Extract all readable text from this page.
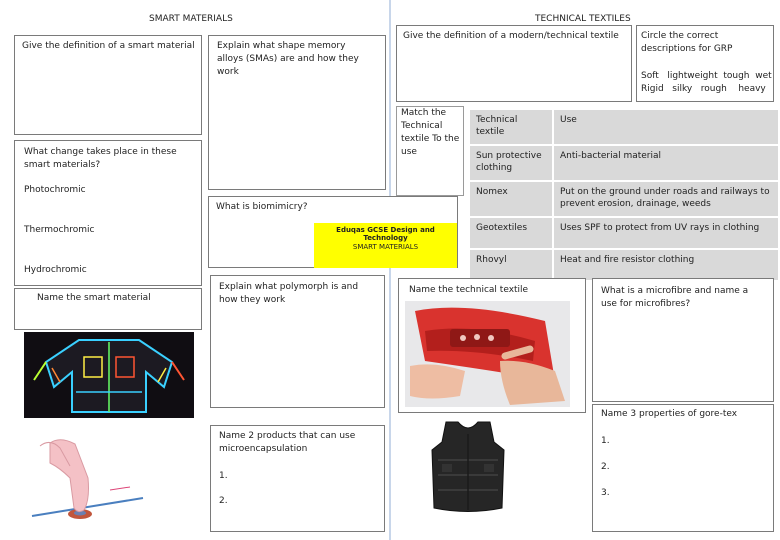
SMART MATERIALS	TECHNICAL TEXTILES
Give the definition of a smart material	Explain what shape memory alloys (SMAs) are and how they work
What change takes place in these smart materials?
Photochromic
Thermochromic
Hydrochromic
What is biomimicry?
Eduqas GCSE Design and Technology
SMART MATERIALS
Name the smart material
Explain what polymorph is and how they work
Name 2 products that can use microencapsulation
1.
2.
Give the definition of a modern/technical textile	Circle the correct descriptions for GRP
Soft   lightweight  tough  wet
Rigid   silky   rough    heavy
Match the Technical textile To the use
Technical textile	Use
Sun protective clothing	Anti-bacterial material
Nomex	Put on the ground under roads and railways to prevent erosion, drainage, weeds
Geotextiles	Uses SPF to protect from UV rays in clothing
Rhovyl	Heat and fire resistor clothing
Name the technical textile	What is a microfibre and name a use for microfibres?
Name 3 properties of gore-tex
1.
2.
3.
